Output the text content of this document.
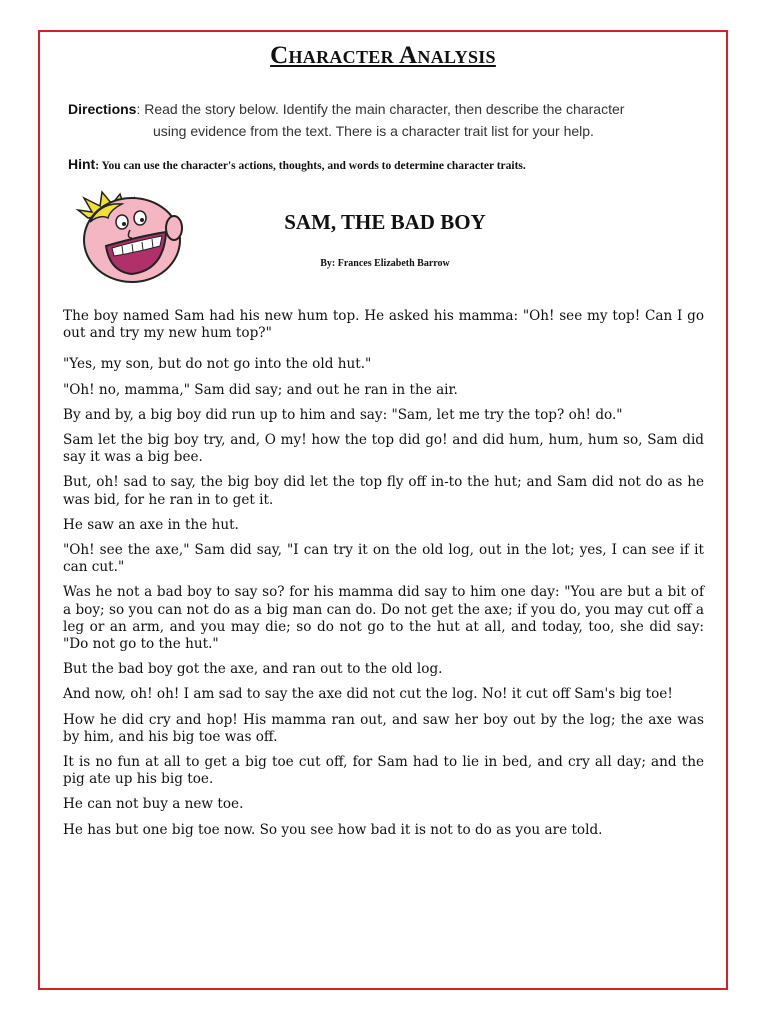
Character Analysis
Directions: Read the story below. Identify the main character, then describe the character
using evidence from the text. There is a character trait list for your help.
Hint: You can use the character's actions, thoughts, and words to determine character traits.
SAM, THE BAD BOY
By: Frances Elizabeth Barrow

The boy named Sam had his new hum top. He asked his mamma: "Oh! see my top! Can I go out and try my new hum top?"

"Yes, my son, but do not go into the old hut."

"Oh! no, mamma," Sam did say; and out he ran in the air.

By and by, a big boy did run up to him and say: "Sam, let me try the top? oh! do."

Sam let the big boy try, and, O my! how the top did go! and did hum, hum, hum so, Sam did say it was a big bee.

But, oh! sad to say, the big boy did let the top fly off in-to the hut; and Sam did not do as he was bid, for he ran in to get it.

He saw an axe in the hut.

"Oh! see the axe," Sam did say, "I can try it on the old log, out in the lot; yes, I can see if it can cut."

Was he not a bad boy to say so? for his mamma did say to him one day: "You are but a bit of a boy; so you can not do as a big man can do. Do not get the axe; if you do, you may cut off a leg or an arm, and you may die; so do not go to the hut at all, and today, too, she did say: "Do not go to the hut."

But the bad boy got the axe, and ran out to the old log.

And now, oh! oh! I am sad to say the axe did not cut the log. No! it cut off Sam's big toe!

How he did cry and hop! His mamma ran out, and saw her boy out by the log; the axe was by him, and his big toe was off.

It is no fun at all to get a big toe cut off, for Sam had to lie in bed, and cry all day; and the pig ate up his big toe.

He can not buy a new toe.

He has but one big toe now. So you see how bad it is not to do as you are told.
